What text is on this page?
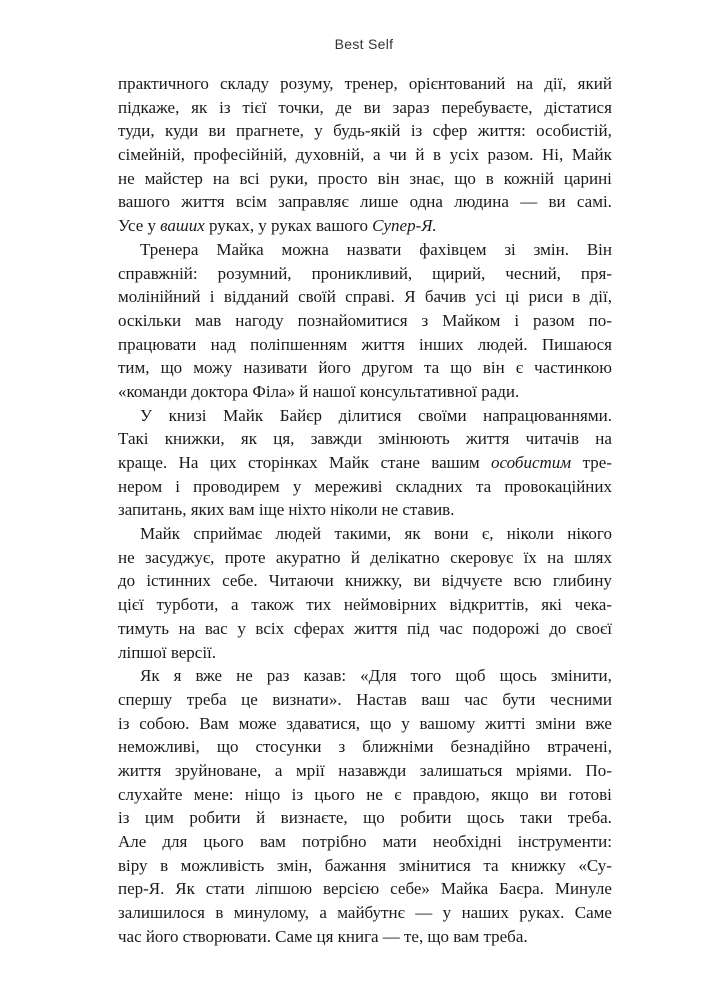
Best Self
практичного складу розуму, тренер, орієнтований на дії, який
підкаже, як із тієї точки, де ви зараз перебуваєте, дістатися
туди, куди ви прагнете, у будь-якій із сфер життя: особистій,
сімейній, професійній, духовній, а чи й в усіх разом. Ні, Майк
не майстер на всі руки, просто він знає, що в кожній царині
вашого життя всім заправляє лише одна людина — ви самі.
Усе у ваших руках, у руках вашого Супер-Я.
Тренера Майка можна назвати фахівцем зі змін. Він
справжній: розумний, проникливий, щирий, чесний, пря-
молінійний і відданий своїй справі. Я бачив усі ці риси в дії,
оскільки мав нагоду познайомитися з Майком і разом по-
працювати над поліпшенням життя інших людей. Пишаюся
тим, що можу називати його другом та що він є частинкою
«команди доктора Філа» й нашої консультативної ради.
У книзі Майк Байєр ділитися своїми напрацюваннями.
Такі книжки, як ця, завжди змінюють життя читачів на
краще. На цих сторінках Майк стане вашим особистим тре-
нером і проводирем у мереживі складних та провокаційних
запитань, яких вам іще ніхто ніколи не ставив.
Майк сприймає людей такими, як вони є, ніколи нікого
не засуджує, проте акуратно й делікатно скеровує їх на шлях
до істинних себе. Читаючи книжку, ви відчуєте всю глибину
цієї турботи, а також тих неймовірних відкриттів, які чека-
тимуть на вас у всіх сферах життя під час подорожі до своєї
ліпшої версії.
Як я вже не раз казав: «Для того щоб щось змінити,
спершу треба це визнати». Настав ваш час бути чесними
із собою. Вам може здаватися, що у вашому житті зміни вже
неможливі, що стосунки з ближніми безнадійно втрачені,
життя зруйноване, а мрії назавжди залишаться мріями. По-
слухайте мене: ніщо із цього не є правдою, якщо ви готові
із цим робити й визнаєте, що робити щось таки треба.
Але для цього вам потрібно мати необхідні інструменти:
віру в можливість змін, бажання змінитися та книжку «Су-
пер-Я. Як стати ліпшою версією себе» Майка Баєра. Минуле
залишилося в минулому, а майбутнє — у наших руках. Саме
час його створювати. Саме ця книга — те, що вам треба.
